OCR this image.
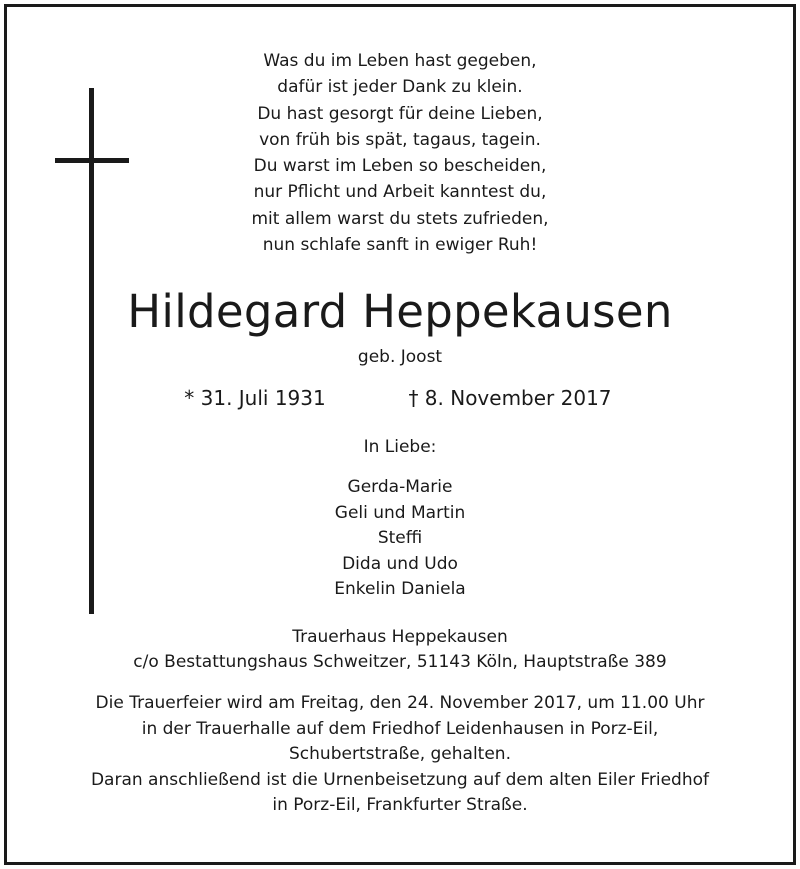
Was du im Leben hast gegeben,
dafür ist jeder Dank zu klein.
Du hast gesorgt für deine Lieben,
von früh bis spät, tagaus, tagein.
Du warst im Leben so bescheiden,
nur Pflicht und Arbeit kanntest du,
mit allem warst du stets zufrieden,
nun schlafe sanft in ewiger Ruh!
Hildegard Heppekausen
geb. Joost
* 31. Juli 1931	† 8. November 2017
In Liebe:
Gerda-Marie
Geli und Martin
Steffi
Dida und Udo
Enkelin Daniela
Trauerhaus Heppekausen
c/o Bestattungshaus Schweitzer, 51143 Köln, Hauptstraße 389
Die Trauerfeier wird am Freitag, den 24. November 2017, um 11.00 Uhr
in der Trauerhalle auf dem Friedhof Leidenhausen in Porz-Eil,
Schubertstraße, gehalten.
Daran anschließend ist die Urnenbeisetzung auf dem alten Eiler Friedhof
in Porz-Eil, Frankfurter Straße.
